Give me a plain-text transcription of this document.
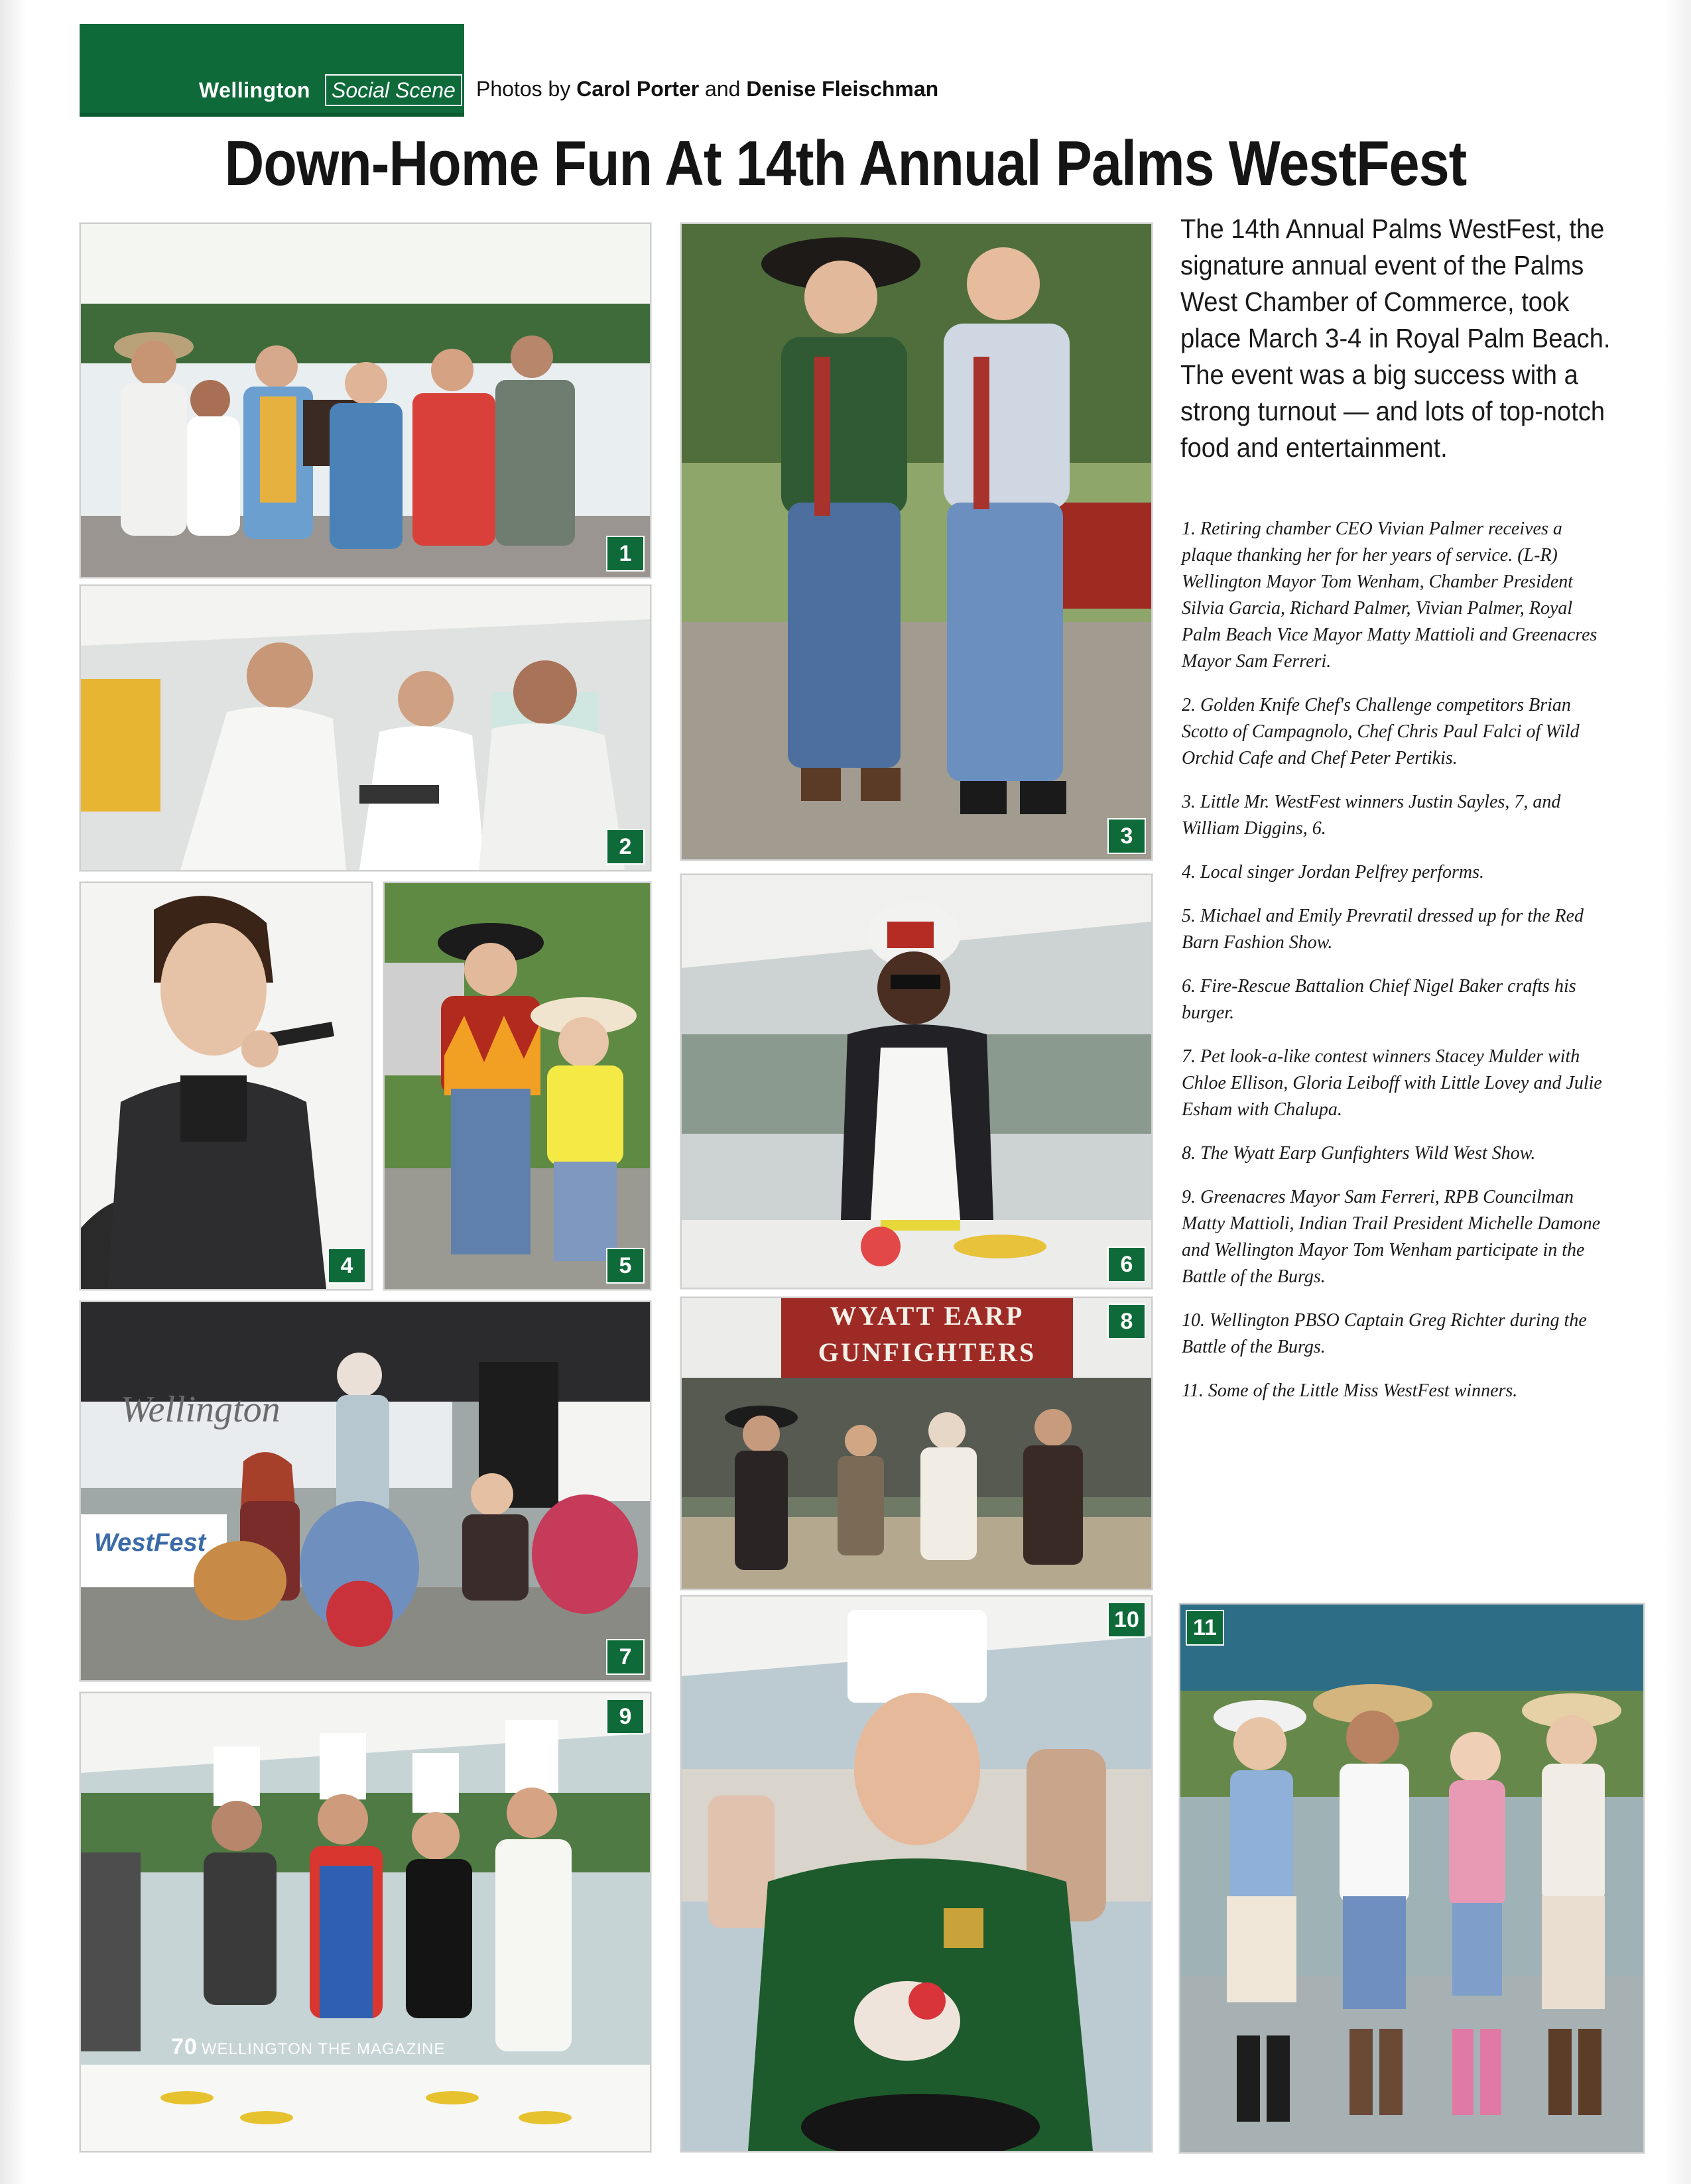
Wellington	Social Scene Photos by Carol Porter and Denise Fleischman
Down-Home Fun At 14th Annual Palms WestFest
1
2	3
4	5	6
WestFest
Wellington
7
WYATT EARP
GUNFIGHTERS
8
9
10	11
70 WELLINGTON THE MAGAZINE
The 14th Annual Palms WestFest, the signature annual event of the Palms West Chamber of Commerce, took place March 3-4 in Royal Palm Beach. The event was a big success with a strong turnout — and lots of top-notch food and entertainment.

1. Retiring chamber CEO Vivian Palmer receives a plaque thanking her for her years of service. (L-R) Wellington Mayor Tom Wenham, Chamber President Silvia Garcia, Richard Palmer, Vivian Palmer, Royal Palm Beach Vice Mayor Matty Mattioli and Greenacres Mayor Sam Ferreri.

2. Golden Knife Chef's Challenge competitors Brian Scotto of Campagnolo, Chef Chris Paul Falci of Wild Orchid Cafe and Chef Peter Pertikis.

3. Little Mr. WestFest winners Justin Sayles, 7, and William Diggins, 6.

4. Local singer Jordan Pelfrey performs.

5. Michael and Emily Prevratil dressed up for the Red Barn Fashion Show.

6. Fire-Rescue Battalion Chief Nigel Baker crafts his burger.

7. Pet look-a-like contest winners Stacey Mulder with Chloe Ellison, Gloria Leiboff with Little Lovey and Julie Esham with Chalupa.

8. The Wyatt Earp Gunfighters Wild West Show.

9. Greenacres Mayor Sam Ferreri, RPB Councilman Matty Mattioli, Indian Trail President Michelle Damone and Wellington Mayor Tom Wenham participate in the Battle of the Burgs.

10. Wellington PBSO Captain Greg Richter during the Battle of the Burgs.

11. Some of the Little Miss WestFest winners.
